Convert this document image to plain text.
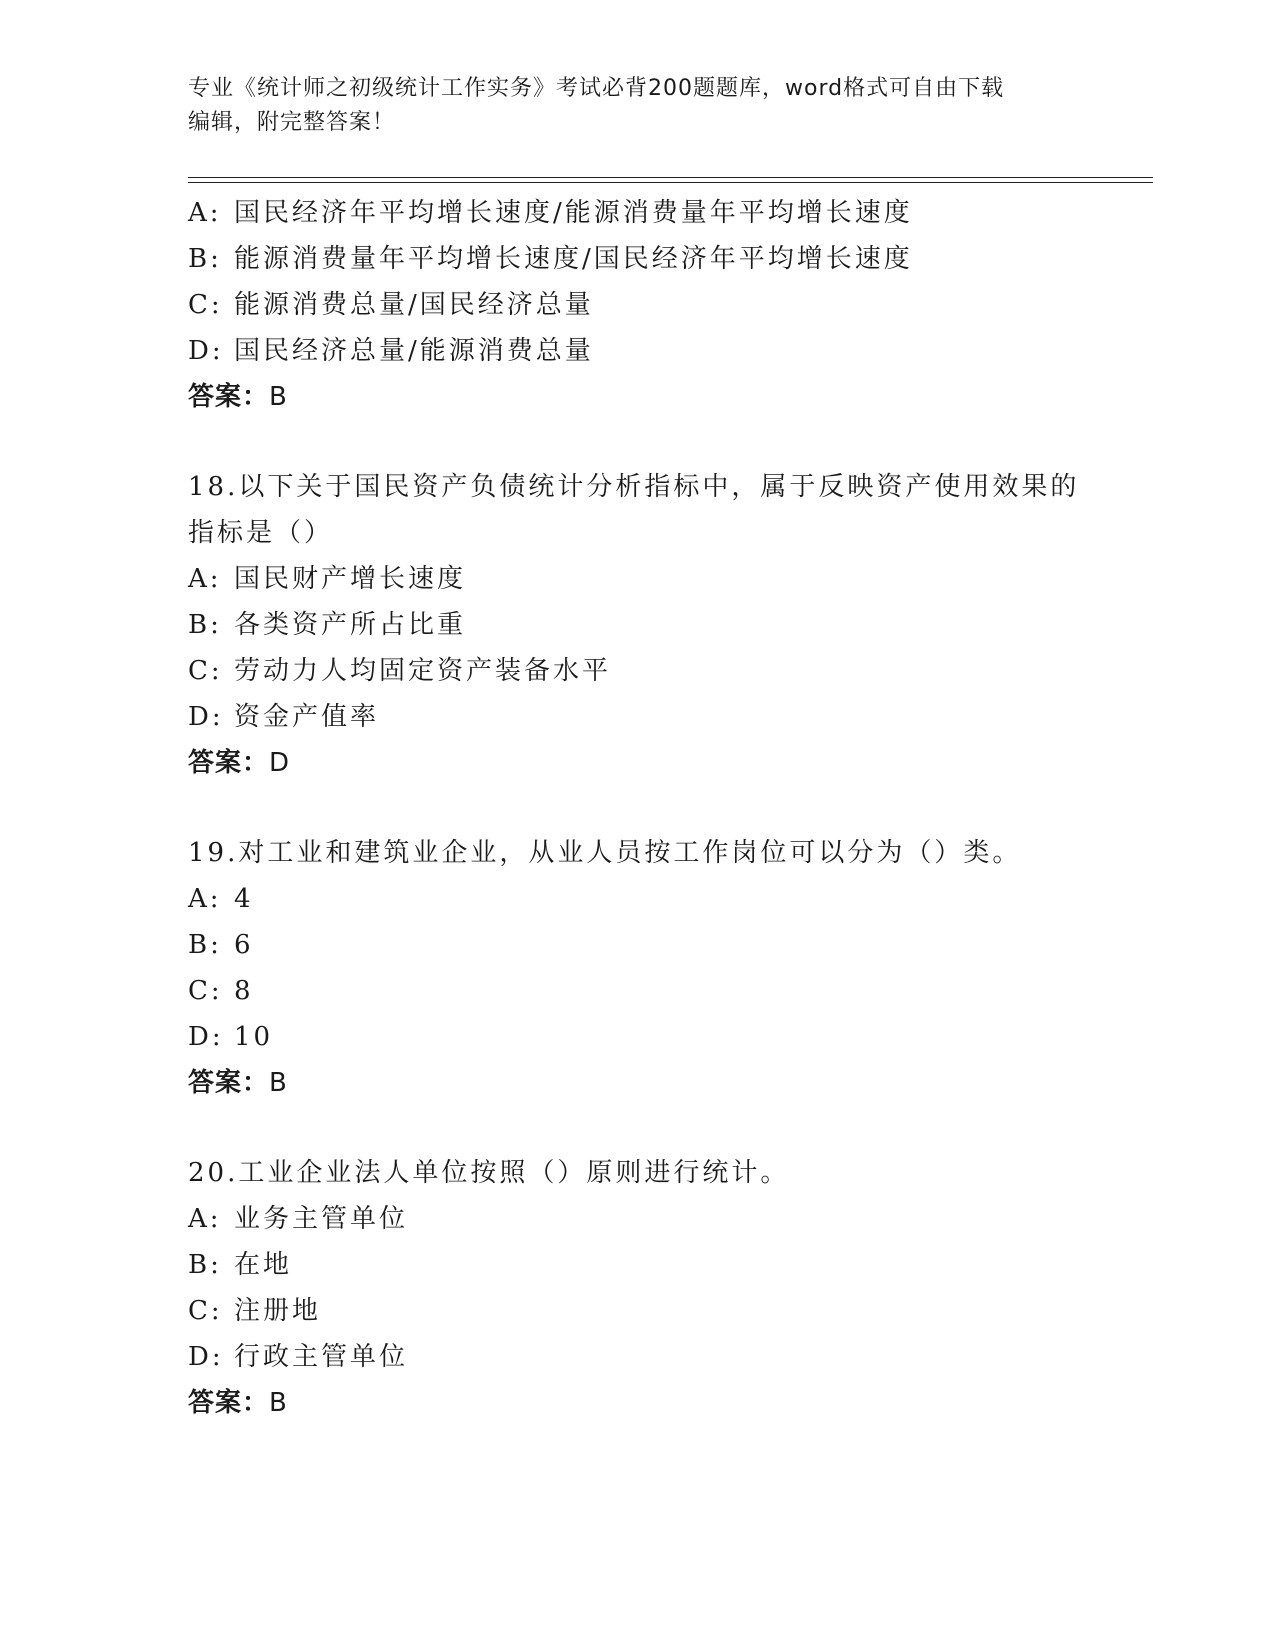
专业《统计师之初级统计工作实务》考试必背200题题库，word格式可自由下载
编辑，附完整答案！
A: 国民经济年平均增长速度/能源消费量年平均增长速度
B: 能源消费量年平均增长速度/国民经济年平均增长速度
C: 能源消费总量/国民经济总量
D: 国民经济总量/能源消费总量
答案：B
18.以下关于国民资产负债统计分析指标中，属于反映资产使用效果的
指标是（）
A: 国民财产增长速度
B: 各类资产所占比重
C: 劳动力人均固定资产装备水平
D: 资金产值率
答案：D
19.对工业和建筑业企业，从业人员按工作岗位可以分为（）类。
A: 4
B: 6
C: 8
D: 10
答案：B
20.工业企业法人单位按照（）原则进行统计。
A: 业务主管单位
B: 在地
C: 注册地
D: 行政主管单位
答案：B
